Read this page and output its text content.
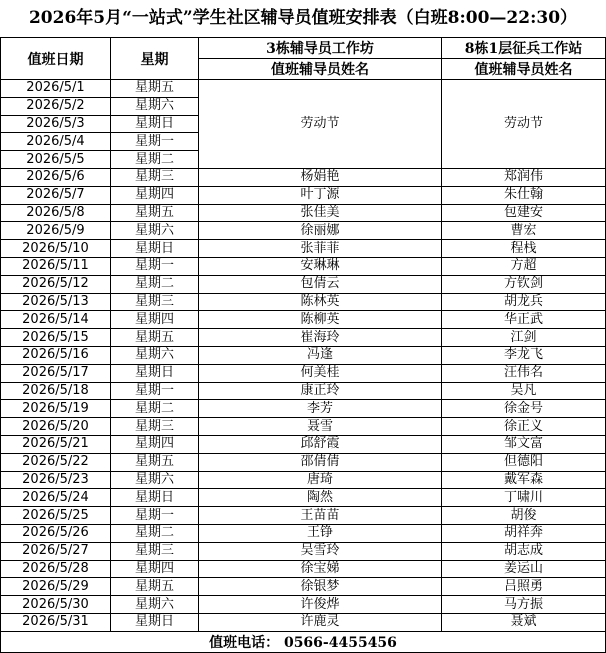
2026年5月“一站式”学生社区辅导员值班安排表（白班8:00—22:30）
值班日期	星期	3栋辅导员工作坊	8栋1层征兵工作站
		值班辅导员姓名	值班辅导员姓名
2026/5/1	星期五	劳动节	劳动节
2026/5/2	星期六		
2026/5/3	星期日		
2026/5/4	星期一		
2026/5/5	星期二		
2026/5/6	星期三	杨娟艳	郑润伟
2026/5/7	星期四	叶丁源	朱仕翰
2026/5/8	星期五	张佳美	包建安
2026/5/9	星期六	徐丽娜	曹宏
2026/5/10	星期日	张菲菲	程栈
2026/5/11	星期一	安琳琳	方超
2026/5/12	星期二	包倩云	方钦剑
2026/5/13	星期三	陈林英	胡龙兵
2026/5/14	星期四	陈柳英	华正武
2026/5/15	星期五	崔海玲	江剑
2026/5/16	星期六	冯逢	李龙飞
2026/5/17	星期日	何美桂	汪伟名
2026/5/18	星期一	康正玲	吴凡
2026/5/19	星期二	李芳	徐金号
2026/5/20	星期三	聂雪	徐正义
2026/5/21	星期四	邱舒霞	邹文富
2026/5/22	星期五	邵倩倩	但德阳
2026/5/23	星期六	唐琦	戴军森
2026/5/24	星期日	陶然	丁啸川
2026/5/25	星期一	王苗苗	胡俊
2026/5/26	星期二	王铮	胡祥奔
2026/5/27	星期三	吴雪玲	胡志成
2026/5/28	星期四	徐宝娣	姜运山
2026/5/29	星期五	徐银梦	吕照勇
2026/5/30	星期六	许俊烨	马方振
2026/5/31	星期日	许鹿灵	聂斌
值班电话： 0566-4455456			
